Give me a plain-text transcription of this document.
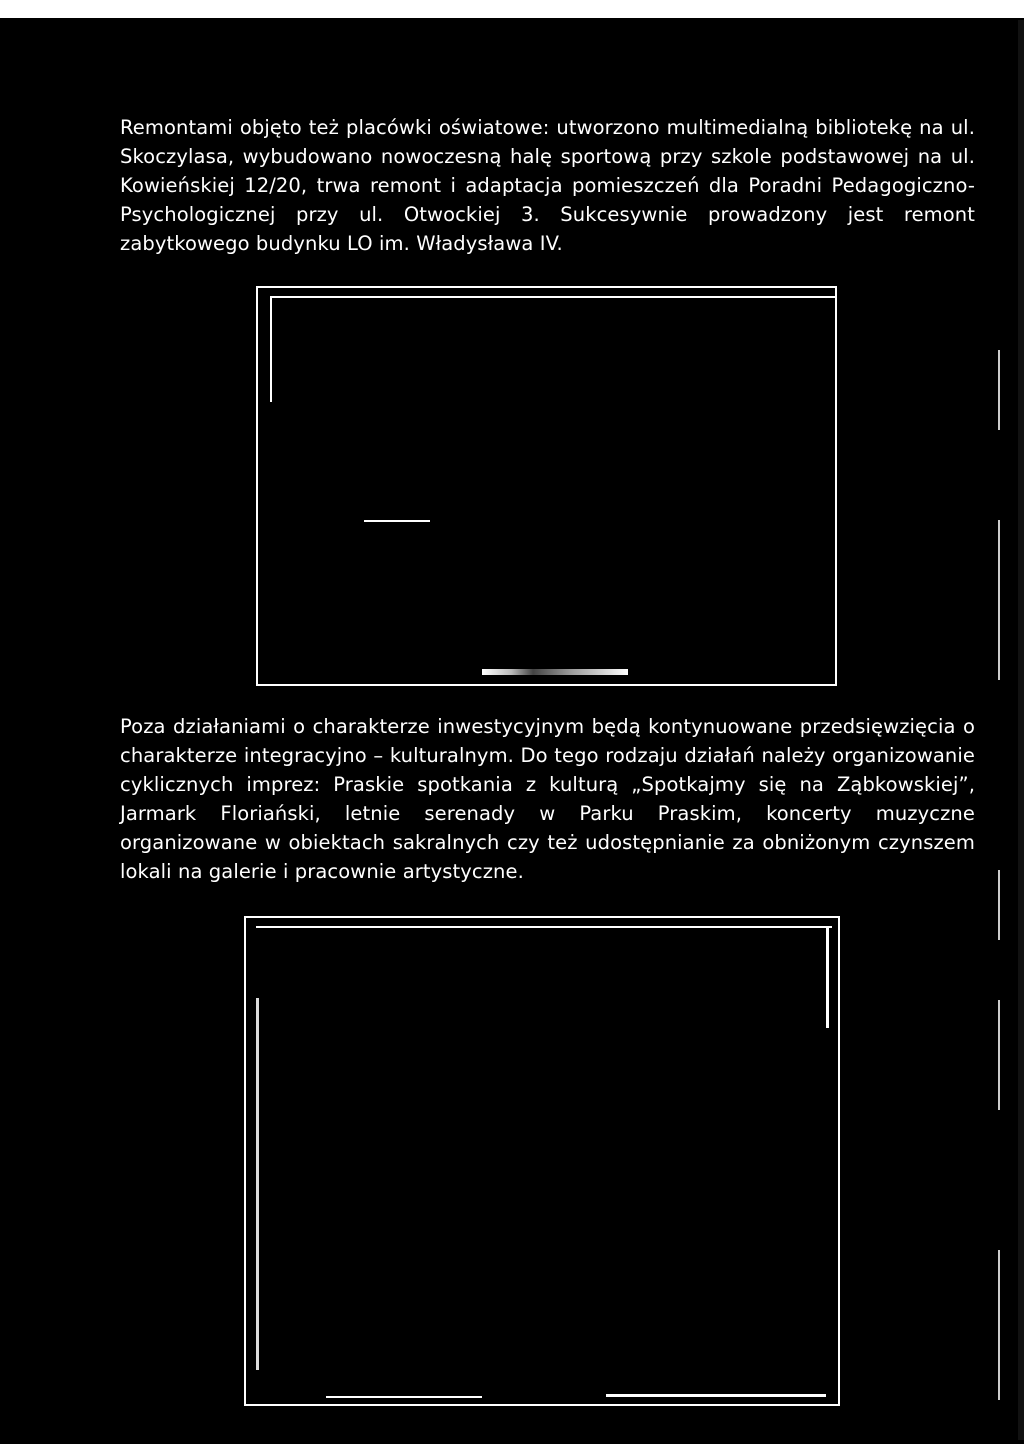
Remontami objęto też placówki oświatowe: utworzono multimedialną bibliotekę na ul. Skoczylasa, wybudowano nowoczesną halę sportową przy szkole podstawowej na ul. Kowieńskiej 12/20, trwa remont i adaptacja pomieszczeń dla Poradni Pedagogiczno-Psychologicznej przy ul. Otwockiej 3. Sukcesywnie prowadzony jest remont zabytkowego budynku LO im. Władysława IV.

Poza działaniami o charakterze inwestycyjnym będą kontynuowane przedsięwzięcia o charakterze integracyjno – kulturalnym. Do tego rodzaju działań należy organizowanie cyklicznych imprez: Praskie spotkania z kulturą „Spotkajmy się na Ząbkowskiej”, Jarmark Floriański, letnie serenady w Parku Praskim, koncerty muzyczne organizowane w obiektach sakralnych czy też udostępnianie za obniżonym czynszem lokali na galerie i pracownie artystyczne.
